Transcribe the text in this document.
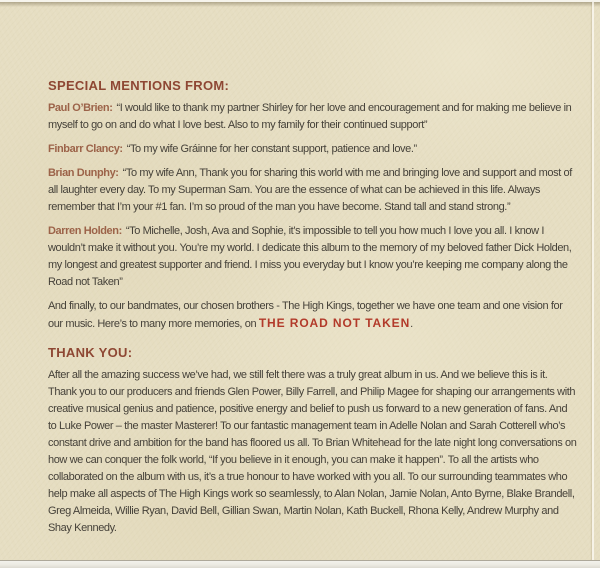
SPECIAL MENTIONS FROM:

Paul O’Brien: “I would like to thank my partner Shirley for her love and encouragement and for making me believe in myself to go on and do what I love best. Also to my family for their continued support”

Finbarr Clancy: “To my wife Gráinne for her constant support, patience and love.”

Brian Dunphy: “To my wife Ann, Thank you for sharing this world with me and bringing love and support and most of all laughter every day. To my Superman Sam. You are the essence of what can be achieved in this life. Always remember that I’m your #1 fan. I’m so proud of the man you have become. Stand tall and stand strong.”

Darren Holden: “To Michelle, Josh, Ava and Sophie, it’s impossible to tell you how much I love you all. I know I wouldn’t make it without you. You’re my world. I dedicate this album to the memory of my beloved father Dick Holden, my longest and greatest supporter and friend. I miss you everyday but I know you’re keeping me company along the Road not Taken”

And finally, to our bandmates, our chosen brothers - The High Kings, together we have one team and one vision for our music. Here’s to many more memories, on THE ROAD NOT TAKEN.

THANK YOU:

After all the amazing success we’ve had, we still felt there was a truly great album in us. And we believe this is it. Thank you to our producers and friends Glen Power, Billy Farrell, and Philip Magee for shaping our arrangements with creative musical genius and patience, positive energy and belief to push us forward to a new generation of fans. And to Luke Power – the master Masterer! To our fantastic management team in Adelle Nolan and Sarah Cotterell who’s constant drive and ambition for the band has floored us all. To Brian Whitehead for the late night long conversations on how we can conquer the folk world, “If you believe in it enough, you can make it happen”. To all the artists who collaborated on the album with us, it’s a true honour to have worked with you all. To our surrounding teammates who help make all aspects of The High Kings work so seamlessly, to Alan Nolan, Jamie Nolan, Anto Byrne, Blake Brandell, Greg Almeida, Willie Ryan, David Bell, Gillian Swan, Martin Nolan, Kath Buckell, Rhona Kelly, Andrew Murphy and Shay Kennedy.
